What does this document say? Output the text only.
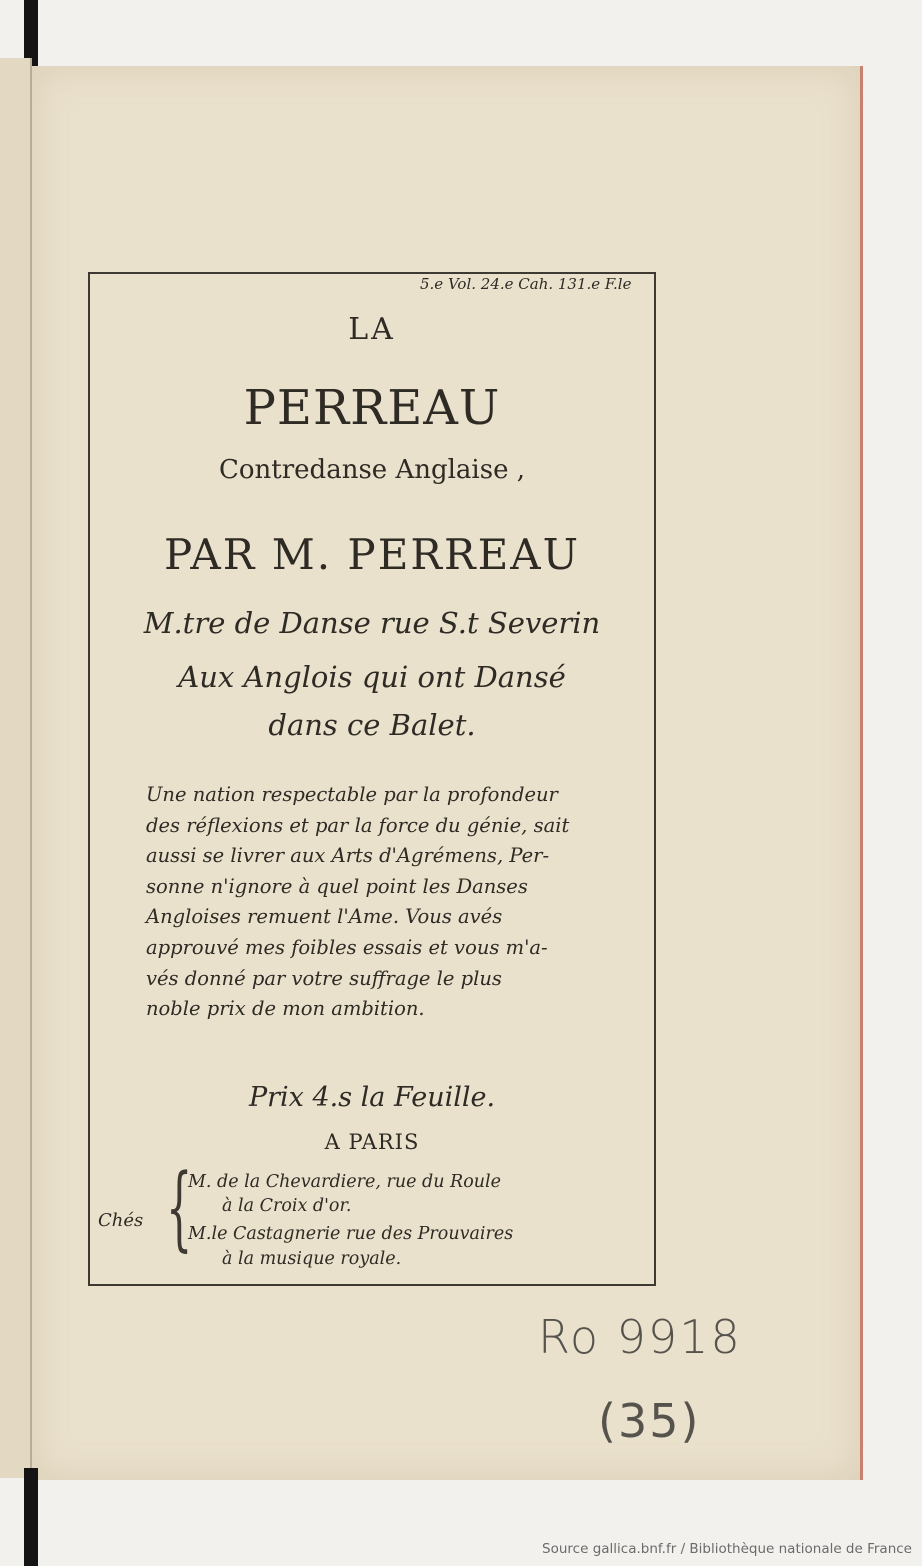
5.e Vol. 24.e Cah. 131.e F.le

LA

PERREAU

Contredanse Anglaise ,

PAR M. PERREAU

M.tre de Danse rue S.t Severin

Aux Anglois qui ont Dansé

dans ce Balet.

Une nation respectable par la profondeur
des réflexions et par la force du génie, sait
aussi se livrer aux Arts d'Agrémens, Per-
sonne n'ignore à quel point les Danses
Angloises remuent l'Ame. Vous avés
approuvé mes foibles essais et vous m'a-
vés donné par votre suffrage le plus
noble prix de mon ambition.

Prix 4.s la Feuille.

A PARIS

Chés {

M. de la Chevardiere, rue du Roule

à la Croix d'or.

M.le Castagnerie rue des Prouvaires

à la musique royale.

Ro 9918

(35)

Source gallica.bnf.fr / Bibliothèque nationale de France
